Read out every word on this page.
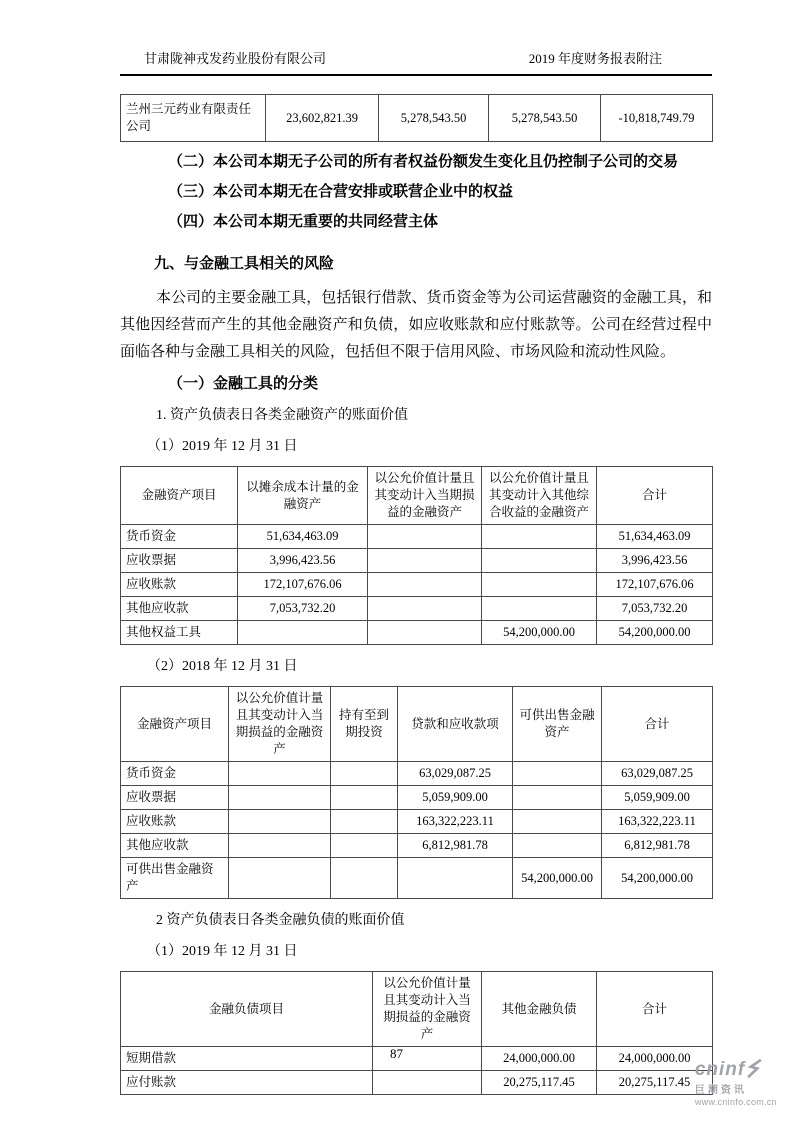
甘肃陇神戎发药业股份有限公司	2019 年度财务报表附注
兰州三元药业有限责任公司	23,602,821.39	5,278,543.50	5,278,543.50	-10,818,749.79
（二）本公司本期无子公司的所有者权益份额发生变化且仍控制子公司的交易
（三）本公司本期无在合营安排或联营企业中的权益
（四）本公司本期无重要的共同经营主体
九、与金融工具相关的风险
本公司的主要金融工具，包括银行借款、货币资金等为公司运营融资的金融工具，和其他因经营而产生的其他金融资产和负债，如应收账款和应付账款等。公司在经营过程中面临各种与金融工具相关的风险，包括但不限于信用风险、市场风险和流动性风险。
（一）金融工具的分类
1. 资产负债表日各类金融资产的账面价值
（1）2019 年 12 月 31 日
金融资产项目	以摊余成本计量的金融资产	以公允价值计量且其变动计入当期损益的金融资产	以公允价值计量且其变动计入其他综合收益的金融资产	合计
货币资金	51,634,463.09			51,634,463.09
应收票据	3,996,423.56			3,996,423.56
应收账款	172,107,676.06			172,107,676.06
其他应收款	7,053,732.20			7,053,732.20
其他权益工具			54,200,000.00	54,200,000.00
（2）2018 年 12 月 31 日
金融资产项目	以公允价值计量且其变动计入当期损益的金融资产	持有至到期投资	贷款和应收款项	可供出售金融资产	合计
货币资金			63,029,087.25		63,029,087.25
应收票据			5,059,909.00		5,059,909.00
应收账款			163,322,223.11		163,322,223.11
其他应收款			6,812,981.78		6,812,981.78
可供出售金融资产				54,200,000.00	54,200,000.00
2 资产负债表日各类金融负债的账面价值
（1）2019 年 12 月 31 日
金融负债项目	以公允价值计量且其变动计入当期损益的金融资产	其他金融负债	合计
短期借款		24,000,000.00	24,000,000.00
应付账款		20,275,117.45	20,275,117.45
87
cninf
巨潮资讯
www.cninfo.com.cn
